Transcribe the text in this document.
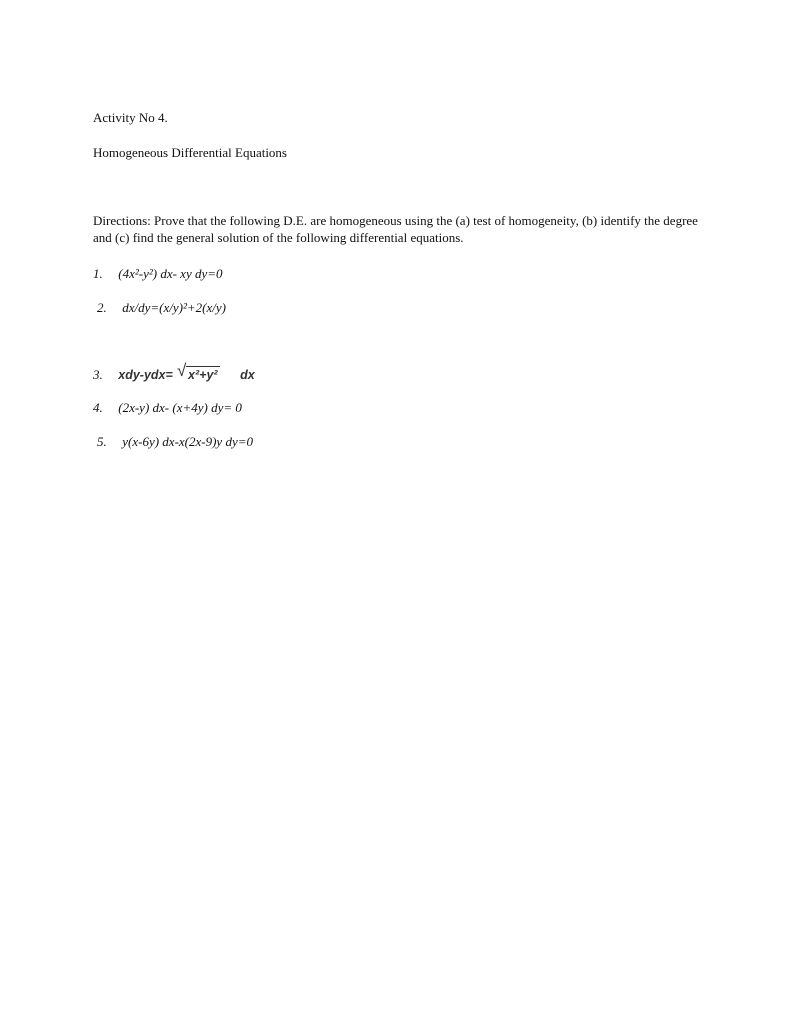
Activity No 4.
Homogeneous Differential Equations
Directions: Prove that the following D.E. are homogeneous using the (a) test of homogeneity, (b) identify the degree and (c) find the general solution of the following differential equations.
1. (4x²-y²) dx- xy dy=0
2. dx/dy=(x/y)²+2(x/y)
3. xdy-ydx= √ x²+y² dx
4. (2x-y) dx- (x+4y) dy= 0
5. y(x-6y) dx-x(2x-9)y dy=0
